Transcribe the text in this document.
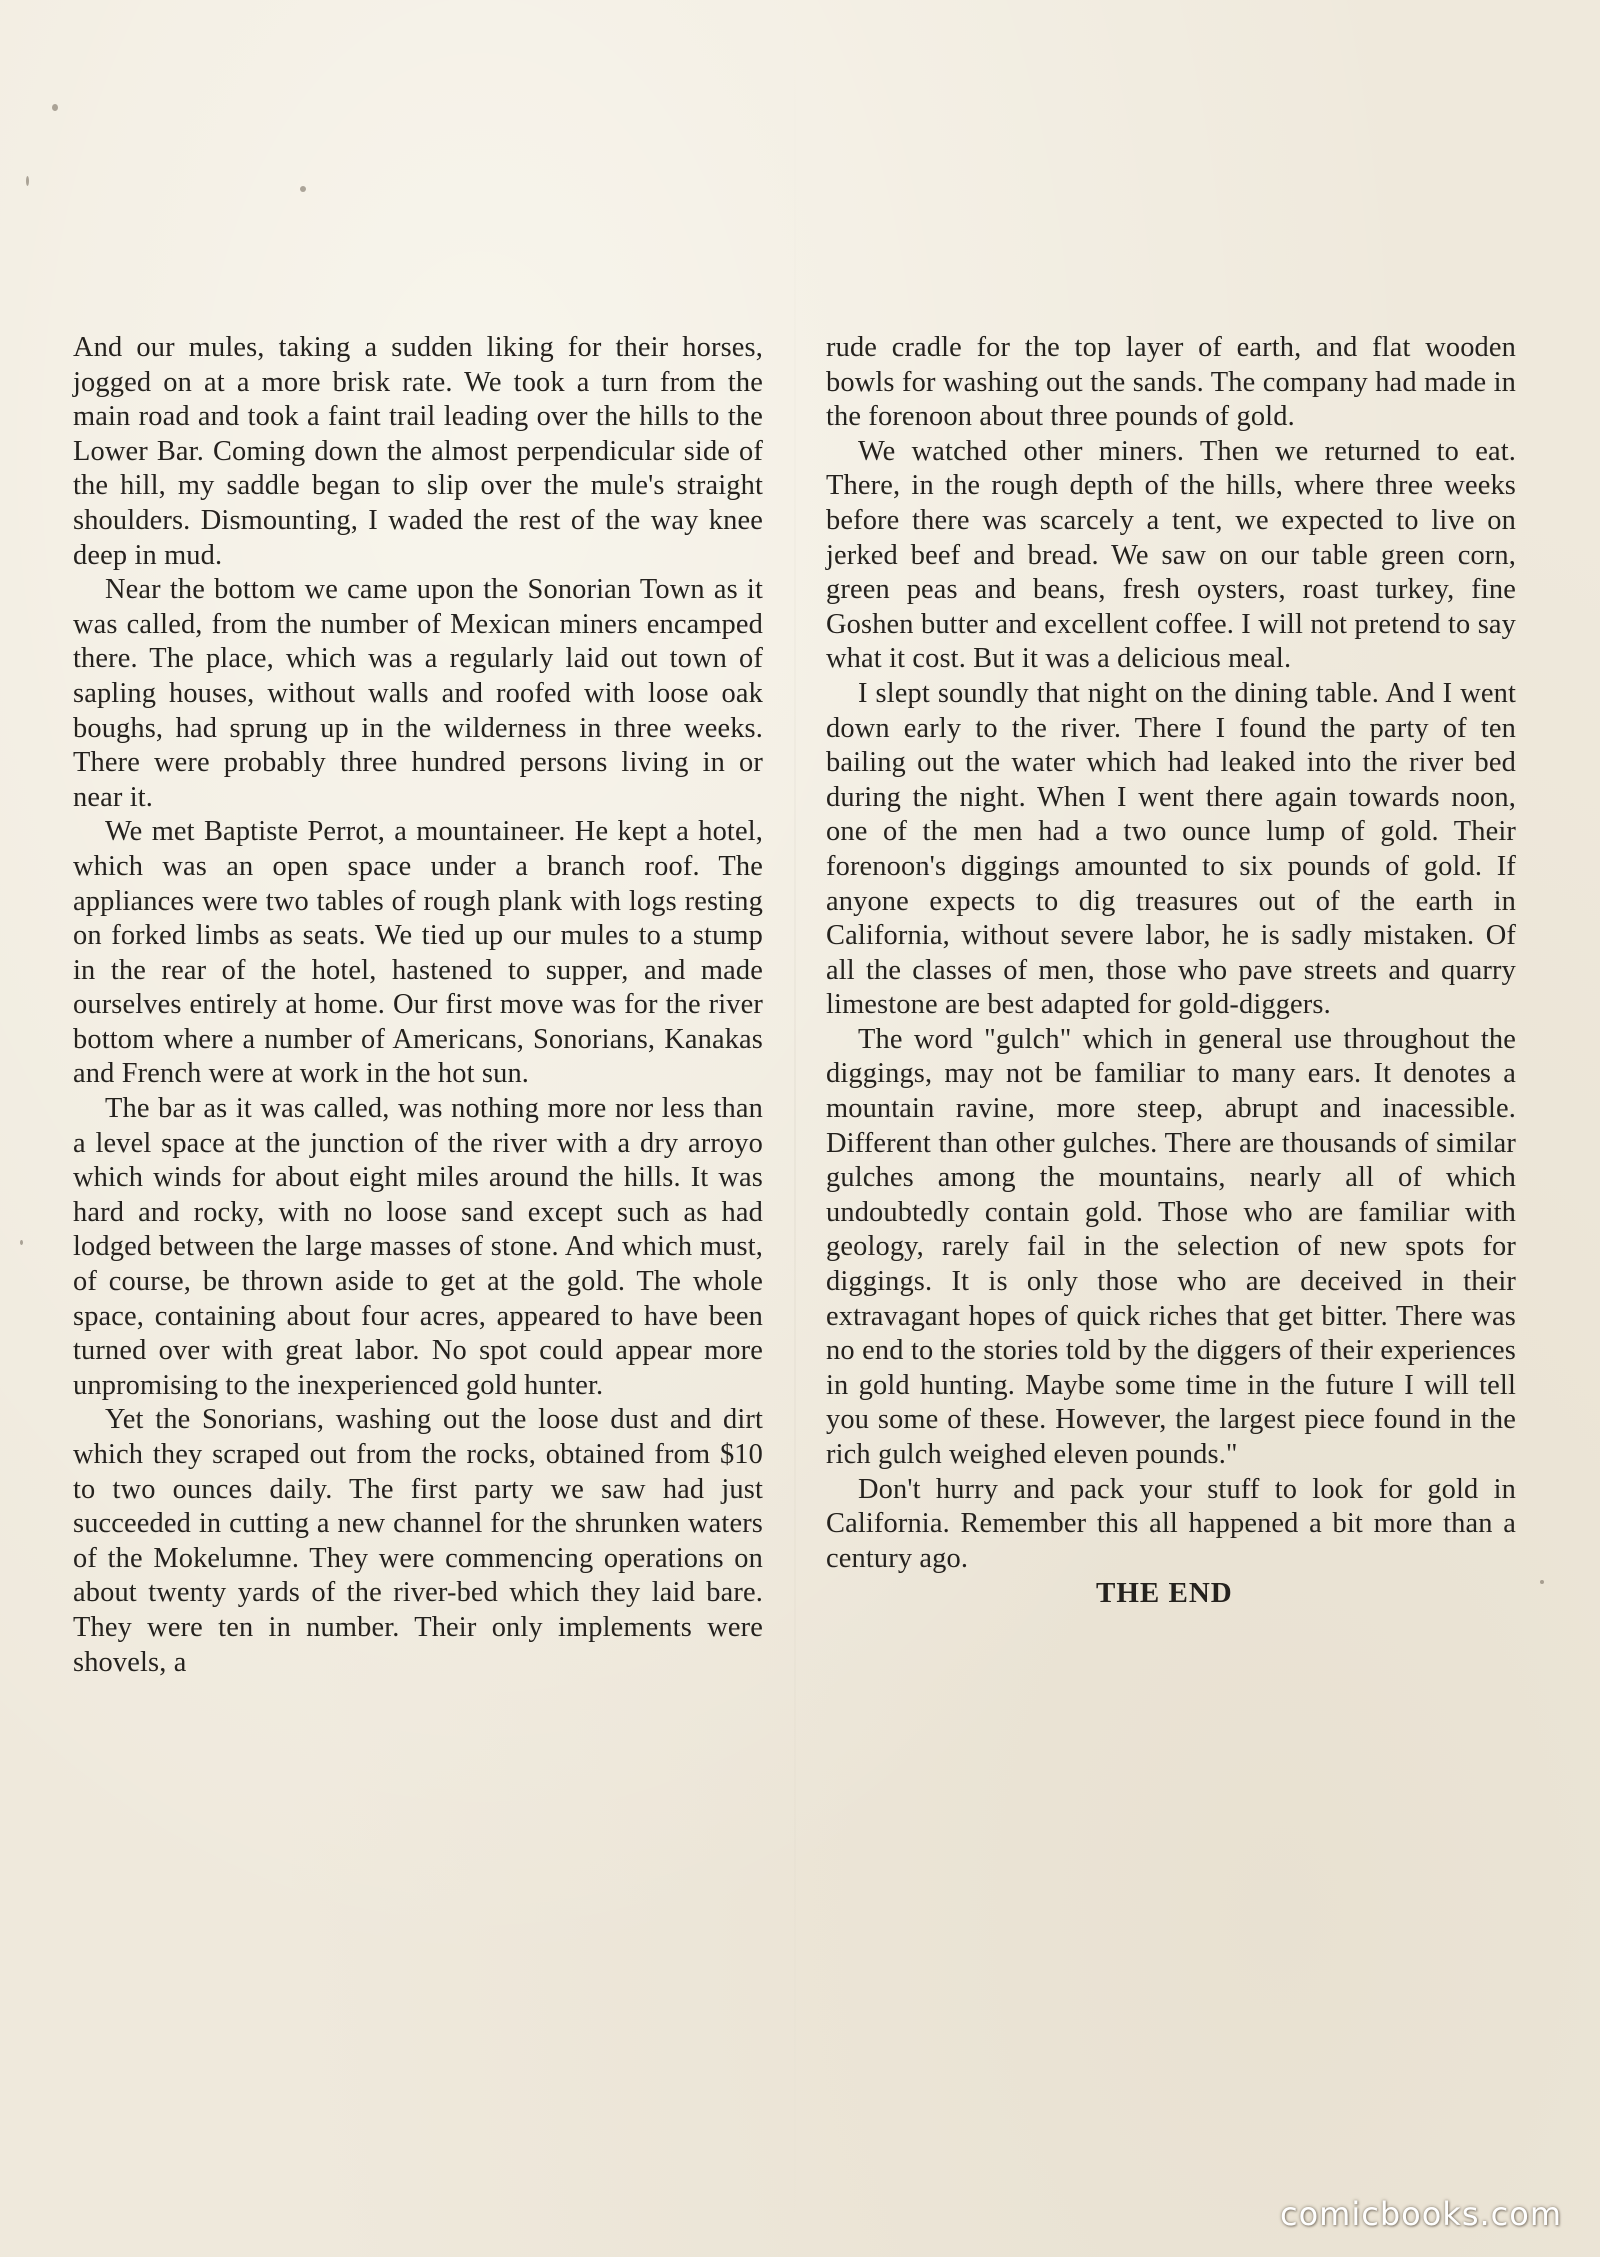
And our mules, taking a sudden liking for their horses, jogged on at a more brisk rate. We took a turn from the main road and took a faint trail leading over the hills to the Lower Bar. Coming down the almost perpendicular side of the hill, my saddle began to slip over the mule's straight shoulders. Dismounting, I waded the rest of the way knee deep in mud.

Near the bottom we came upon the Sonorian Town as it was called, from the number of Mexican miners encamped there. The place, which was a regularly laid out town of sapling houses, without walls and roofed with loose oak boughs, had sprung up in the wilderness in three weeks. There were probably three hundred persons living in or near it.

We met Baptiste Perrot, a mountaineer. He kept a hotel, which was an open space under a branch roof. The appliances were two tables of rough plank with logs resting on forked limbs as seats. We tied up our mules to a stump in the rear of the hotel, hastened to supper, and made ourselves entirely at home. Our first move was for the river bottom where a number of Americans, Sonorians, Kanakas and French were at work in the hot sun.

The bar as it was called, was nothing more nor less than a level space at the junction of the river with a dry arroyo which winds for about eight miles around the hills. It was hard and rocky, with no loose sand except such as had lodged between the large masses of stone. And which must, of course, be thrown aside to get at the gold. The whole space, containing about four acres, appeared to have been turned over with great labor. No spot could appear more unpromising to the inexperienced gold hunter.

Yet the Sonorians, washing out the loose dust and dirt which they scraped out from the rocks, obtained from $10 to two ounces daily. The first party we saw had just succeeded in cutting a new channel for the shrunken waters of the Mokelumne. They were commencing operations on about twenty yards of the river-bed which they laid bare. They were ten in number. Their only implements were shovels, a

rude cradle for the top layer of earth, and flat wooden bowls for washing out the sands. The company had made in the forenoon about three pounds of gold.

We watched other miners. Then we returned to eat. There, in the rough depth of the hills, where three weeks before there was scarcely a tent, we expected to live on jerked beef and bread. We saw on our table green corn, green peas and beans, fresh oysters, roast turkey, fine Goshen butter and excellent coffee. I will not pretend to say what it cost. But it was a delicious meal.

I slept soundly that night on the dining table. And I went down early to the river. There I found the party of ten bailing out the water which had leaked into the river bed during the night. When I went there again towards noon, one of the men had a two ounce lump of gold. Their forenoon's diggings amounted to six pounds of gold. If anyone expects to dig treasures out of the earth in California, without severe labor, he is sadly mistaken. Of all the classes of men, those who pave streets and quarry limestone are best adapted for gold-diggers.

The word "gulch" which in general use throughout the diggings, may not be familiar to many ears. It denotes a mountain ravine, more steep, abrupt and inacessible. Different than other gulches. There are thousands of similar gulches among the mountains, nearly all of which undoubtedly contain gold. Those who are familiar with geology, rarely fail in the selection of new spots for diggings. It is only those who are deceived in their extravagant hopes of quick riches that get bitter. There was no end to the stories told by the diggers of their experiences in gold hunting. Maybe some time in the future I will tell you some of these. However, the largest piece found in the rich gulch weighed eleven pounds."

Don't hurry and pack your stuff to look for gold in California. Remember this all happened a bit more than a century ago.

THE END

comicbooks.com
